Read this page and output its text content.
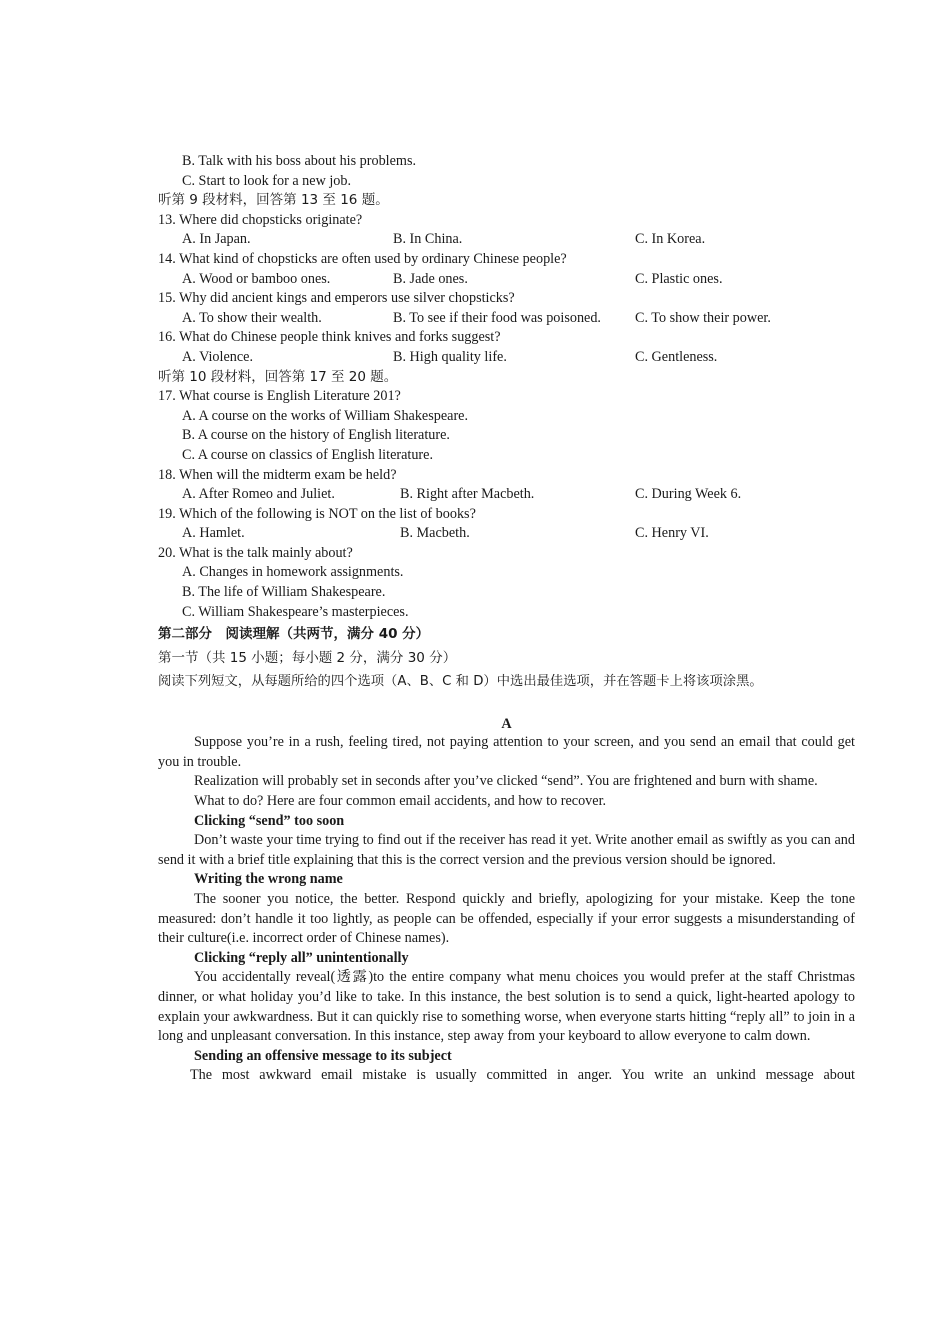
B. Talk with his boss about his problems.
C. Start to look for a new job.
听第 9 段材料，回答第 13 至 16 题。
13. Where did chopsticks originate?
A. In Japan.	B. In China.	C. In Korea.
14. What kind of chopsticks are often used by ordinary Chinese people?
A. Wood or bamboo ones.	B. Jade ones.	C. Plastic ones.
15. Why did ancient kings and emperors use silver chopsticks?
A. To show their wealth.	B. To see if their food was poisoned. C. To show their power.
16. What do Chinese people think knives and forks suggest?
A. Violence.	B. High quality life.	C. Gentleness.
听第 10 段材料，回答第 17 至 20 题。
17. What course is English Literature 201?
A. A course on the works of William Shakespeare.
B. A course on the history of English literature.
C. A course on classics of English literature.
18. When will the midterm exam be held?
A. After Romeo and Juliet.	B. Right after Macbeth.	C. During Week 6.
19. Which of the following is NOT on the list of books?
A. Hamlet.	B. Macbeth.	C. Henry VI.
20. What is the talk mainly about?
A. Changes in homework assignments.
B. The life of William Shakespeare.
C. William Shakespeare’s masterpieces.
第二部分　阅读理解（共两节，满分 40 分）
第一节（共 15 小题；每小题 2 分，满分 30 分）
阅读下列短文，从每题所给的四个选项（A、B、C 和 D）中选出最佳选项，并在答题卡上将该项涂黑。
A

Suppose you’re in a rush, feeling tired, not paying attention to your screen, and you send an email that could get you in trouble.

Realization will probably set in seconds after you’ve clicked “send”. You are frightened and burn with shame.

What to do? Here are four common email accidents, and how to recover.

Clicking “send” too soon

Don’t waste your time trying to find out if the receiver has read it yet. Write another email as swiftly as you can and send it with a brief title explaining that this is the correct version and the previous version should be ignored.

Writing the wrong name

The sooner you notice, the better. Respond quickly and briefly, apologizing for your mistake. Keep the tone measured: don’t handle it too lightly, as people can be offended, especially if your error suggests a misunderstanding of their culture(i.e. incorrect order of Chinese names).

Clicking “reply all” unintentionally

You accidentally reveal(透露)to the entire company what menu choices you would prefer at the staff Christmas dinner, or what holiday you’d like to take. In this instance, the best solution is to send a quick, light-hearted apology to explain your awkwardness. But it can quickly rise to something worse, when everyone starts hitting “reply all” to join in a long and unpleasant conversation. In this instance, step away from your keyboard to allow everyone to calm down.

Sending an offensive message to its subject

The most awkward email mistake is usually committed in anger. You write an unkind message about
